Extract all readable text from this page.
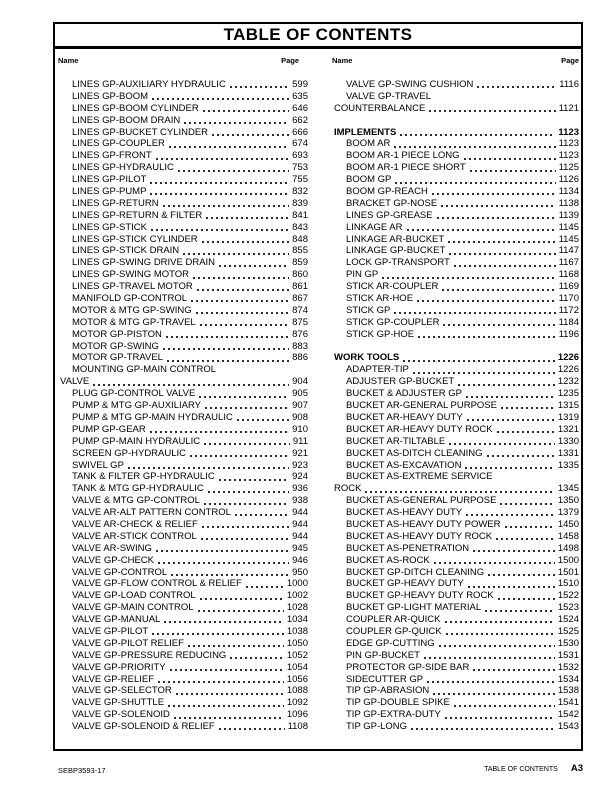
TABLE OF CONTENTS
Name	Page
LINES GP-AUXILIARY HYDRAULIC	599
LINES GP-BOOM	635
LINES GP-BOOM CYLINDER	646
LINES GP-BOOM DRAIN	662
LINES GP-BUCKET CYLINDER	666
LINES GP-COUPLER	674
LINES GP-FRONT	693
LINES GP-HYDRAULIC	753
LINES GP-PILOT	755
LINES GP-PUMP	832
LINES GP-RETURN	839
LINES GP-RETURN & FILTER	841
LINES GP-STICK	843
LINES GP-STICK CYLINDER	848
LINES GP-STICK DRAIN	855
LINES GP-SWING DRIVE DRAIN	859
LINES GP-SWING MOTOR	860
LINES GP-TRAVEL MOTOR	861
MANIFOLD GP-CONTROL	867
MOTOR & MTG GP-SWING	874
MOTOR & MTG GP-TRAVEL	875
MOTOR GP-PISTON	876
MOTOR GP-SWING	883
MOTOR GP-TRAVEL	886
MOUNTING GP-MAIN CONTROL
VALVE	904
PLUG GP-CONTROL VALVE	905
PUMP & MTG GP-AUXILIARY	907
PUMP & MTG GP-MAIN HYDRAULIC	908
PUMP GP-GEAR	910
PUMP GP-MAIN HYDRAULIC	911
SCREEN GP-HYDRAULIC	921
SWIVEL GP	923
TANK & FILTER GP-HYDRAULIC	924
TANK & MTG GP-HYDRAULIC	936
VALVE & MTG GP-CONTROL	938
VALVE AR-ALT PATTERN CONTROL	944
VALVE AR-CHECK & RELIEF	944
VALVE AR-STICK CONTROL	944
VALVE AR-SWING	945
VALVE GP-CHECK	946
VALVE GP-CONTROL	950
VALVE GP-FLOW CONTROL & RELIEF	1000
VALVE GP-LOAD CONTROL	1002
VALVE GP-MAIN CONTROL	1028
VALVE GP-MANUAL	1034
VALVE GP-PILOT	1038
VALVE GP-PILOT RELIEF	1050
VALVE GP-PRESSURE REDUCING	1052
VALVE GP-PRIORITY	1054
VALVE GP-RELIEF	1056
VALVE GP-SELECTOR	1088
VALVE GP-SHUTTLE	1092
VALVE GP-SOLENOID	1096
VALVE GP-SOLENOID & RELIEF	1108
Name	Page
VALVE GP-SWING CUSHION	1116
VALVE GP-TRAVEL
COUNTERBALANCE	1121
IMPLEMENTS	1123
BOOM AR	1123
BOOM AR-1 PIECE LONG	1123
BOOM AR-1 PIECE SHORT	1125
BOOM GP	1126
BOOM GP-REACH	1134
BRACKET GP-NOSE	1138
LINES GP-GREASE	1139
LINKAGE AR	1145
LINKAGE AR-BUCKET	1145
LINKAGE GP-BUCKET	1147
LOCK GP-TRANSPORT	1167
PIN GP	1168
STICK AR-COUPLER	1169
STICK AR-HOE	1170
STICK GP	1172
STICK GP-COUPLER	1184
STICK GP-HOE	1196
WORK TOOLS	1226
ADAPTER-TIP	1226
ADJUSTER GP-BUCKET	1232
BUCKET & ADJUSTER GP	1235
BUCKET AR-GENERAL PURPOSE	1315
BUCKET AR-HEAVY DUTY	1319
BUCKET AR-HEAVY DUTY ROCK	1321
BUCKET AR-TILTABLE	1330
BUCKET AS-DITCH CLEANING	1331
BUCKET AS-EXCAVATION	1335
BUCKET AS-EXTREME SERVICE
ROCK	1345
BUCKET AS-GENERAL PURPOSE	1350
BUCKET AS-HEAVY DUTY	1379
BUCKET AS-HEAVY DUTY POWER	1450
BUCKET AS-HEAVY DUTY ROCK	1458
BUCKET AS-PENETRATION	1498
BUCKET AS-ROCK	1500
BUCKET GP-DITCH CLEANING	1501
BUCKET GP-HEAVY DUTY	1510
BUCKET GP-HEAVY DUTY ROCK	1522
BUCKET GP-LIGHT MATERIAL	1523
COUPLER AR-QUICK	1524
COUPLER GP-QUICK	1525
EDGE GP-CUTTING	1530
PIN GP-BUCKET	1531
PROTECTOR GP-SIDE BAR	1532
SIDECUTTER GP	1534
TIP GP-ABRASION	1538
TIP GP-DOUBLE SPIKE	1541
TIP GP-EXTRA-DUTY	1542
TIP GP-LONG	1543
SEBP3593-17	TABLE OF CONTENTS A3
